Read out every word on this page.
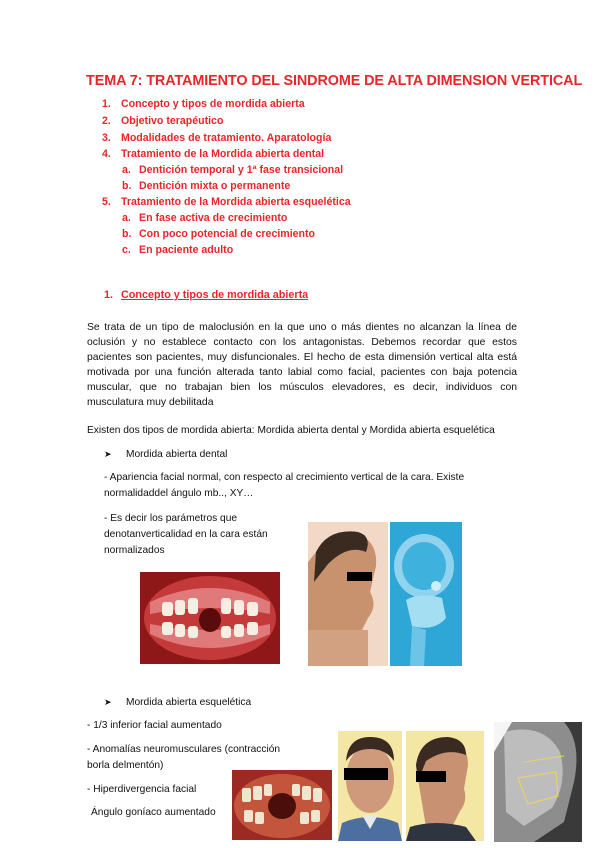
TEMA 7: TRATAMIENTO DEL SINDROME DE ALTA DIMENSION VERTICAL
1. Concepto y tipos de mordida abierta
2. Objetivo terapéutico
3. Modalidades de tratamiento. Aparatología
4. Tratamiento de la Mordida abierta dental
a. Dentición temporal y 1ª fase transicional
b. Dentición mixta o permanente
5. Tratamiento de la Mordida abierta esquelética
a. En fase activa de crecimiento
b. Con poco potencial de crecimiento
c. En paciente adulto
1. Concepto y tipos de mordida abierta
Se trata de un tipo de maloclusión en la que uno o más dientes no alcanzan la línea de oclusión y no establece contacto con los antagonistas. Debemos recordar que estos pacientes son pacientes, muy disfuncionales. El hecho de esta dimensión vertical alta está motivada por una función alterada tanto labial como facial, pacientes con baja potencia muscular, que no trabajan bien los músculos elevadores, es decir, individuos con musculatura muy debilitada
Existen dos tipos de mordida abierta: Mordida abierta dental y Mordida abierta esquelética
➤ Mordida abierta dental
- Apariencia facial normal, con respecto al crecimiento vertical de la cara. Existe
normalidaddel ángulo mb.., XY…
- Es decir los parámetros que
denotanverticalidad en la cara están
normalizados
➤ Mordida abierta esquelética
- 1/3 inferior facial aumentado
- Anomalías neuromusculares (contracción
borla delmentón)
- Hiperdivergencia facial
Ángulo goníaco aumentado
